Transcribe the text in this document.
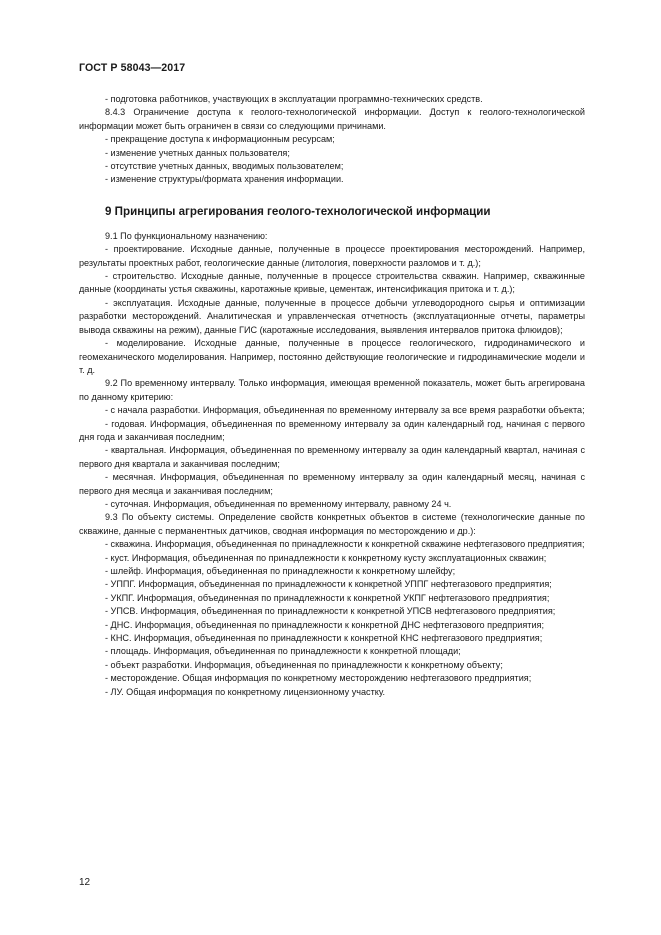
ГОСТ Р 58043—2017

- подготовка работников, участвующих в эксплуатации программно-технических средств.

8.4.3 Ограничение доступа к геолого-технологической информации. Доступ к геолого-технологической информации может быть ограничен в связи со следующими причинами.

- прекращение доступа к информационным ресурсам;

- изменение учетных данных пользователя;

- отсутствие учетных данных, вводимых пользователем;

- изменение структуры/формата хранения информации.

9 Принципы агрегирования геолого-технологической информации

9.1 По функциональному назначению:

- проектирование. Исходные данные, полученные в процессе проектирования месторождений. Например, результаты проектных работ, геологические данные (литология, поверхности разломов и т. д.);

- строительство. Исходные данные, полученные в процессе строительства скважин. Например, скважинные данные (координаты устья скважины, каротажные кривые, цементаж, интенсификация притока и т. д.);

- эксплуатация. Исходные данные, полученные в процессе добычи углеводородного сырья и оптимизации разработки месторождений. Аналитическая и управленческая отчетность (эксплуатационные отчеты, параметры вывода скважины на режим), данные ГИС (каротажные исследования, выявления интервалов притока флюидов);

- моделирование. Исходные данные, полученные в процессе геологического, гидродинамического и геомеханического моделирования. Например, постоянно действующие геологические и гидродинамические модели и т. д.

9.2 По временному интервалу. Только информация, имеющая временной показатель, может быть агрегирована по данному критерию:

- с начала разработки. Информация, объединенная по временному интервалу за все время разработки объекта;

- годовая. Информация, объединенная по временному интервалу за один календарный год, начиная с первого дня года и заканчивая последним;

- квартальная. Информация, объединенная по временному интервалу за один календарный квартал, начиная с первого дня квартала и заканчивая последним;

- месячная. Информация, объединенная по временному интервалу за один календарный месяц, начиная с первого дня месяца и заканчивая последним;

- суточная. Информация, объединенная по временному интервалу, равному 24 ч.

9.3 По объекту системы. Определение свойств конкретных объектов в системе (технологические данные по скважине, данные с перманентных датчиков, сводная информация по месторождению и др.):

- скважина. Информация, объединенная по принадлежности к конкретной скважине нефтегазового предприятия;

- куст. Информация, объединенная по принадлежности к конкретному кусту эксплуатационных скважин;

- шлейф. Информация, объединенная по принадлежности к конкретному шлейфу;

- УППГ. Информация, объединенная по принадлежности к конкретной УППГ нефтегазового предприятия;

- УКПГ. Информация, объединенная по принадлежности к конкретной УКПГ нефтегазового предприятия;

- УПСВ. Информация, объединенная по принадлежности к конкретной УПСВ нефтегазового предприятия;

- ДНС. Информация, объединенная по принадлежности к конкретной ДНС нефтегазового предприятия;

- КНС. Информация, объединенная по принадлежности к конкретной КНС нефтегазового предприятия;

- площадь. Информация, объединенная по принадлежности к конкретной площади;

- объект разработки. Информация, объединенная по принадлежности к конкретному объекту;

- месторождение. Общая информация по конкретному месторождению нефтегазового предприятия;

- ЛУ. Общая информация по конкретному лицензионному участку.

12
